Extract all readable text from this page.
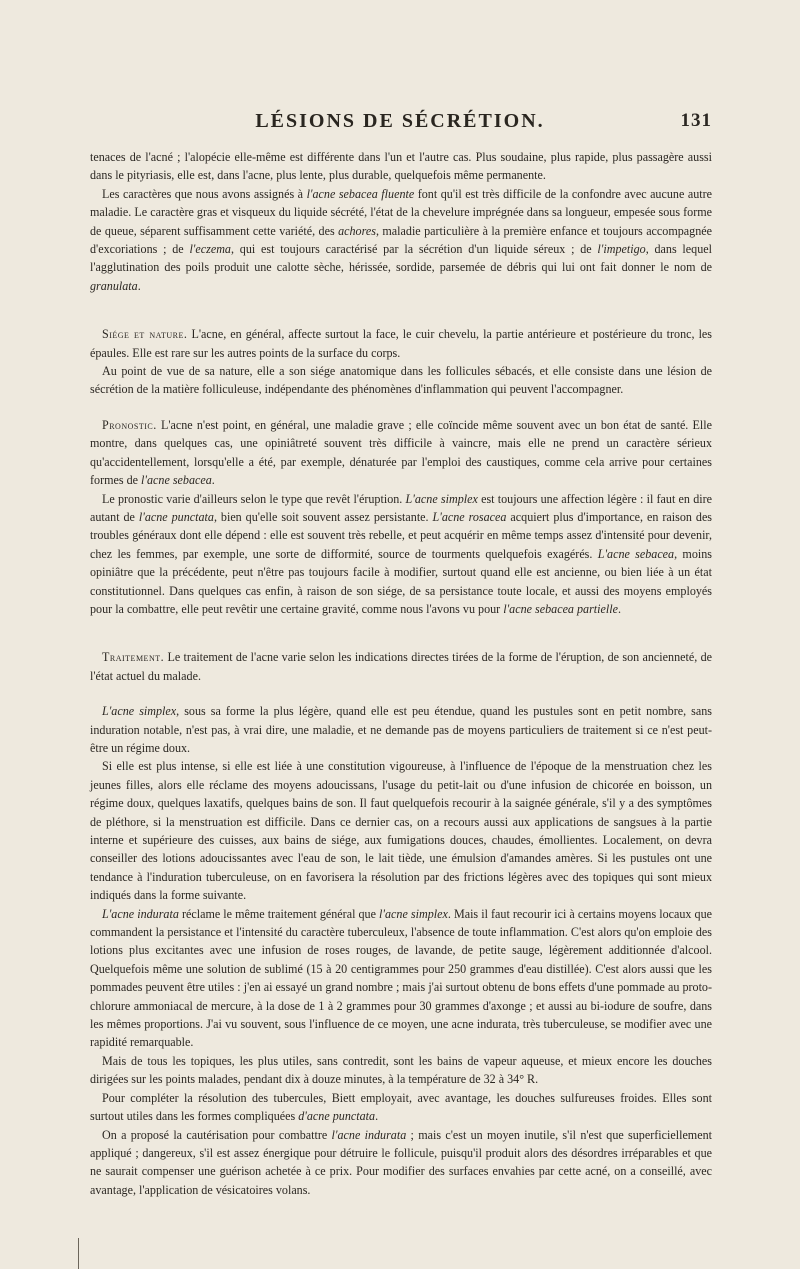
LÉSIONS DE SÉCRÉTION.	131

tenaces de l'acné ; l'alopécie elle-même est différente dans l'un et l'autre cas. Plus soudaine, plus rapide, plus passagère aussi dans le pityriasis, elle est, dans l'acne, plus lente, plus durable, quelquefois même permanente.

Les caractères que nous avons assignés à l'acne sebacea fluente font qu'il est très difficile de la confondre avec aucune autre maladie. Le caractère gras et visqueux du liquide sécrété, l'état de la chevelure imprégnée dans sa longueur, empesée sous forme de queue, séparent suffisamment cette variété, des achores, maladie particulière à la première enfance et toujours accompagnée d'excoriations ; de l'eczema, qui est toujours caractérisé par la sécrétion d'un liquide séreux ; de l'impetigo, dans lequel l'agglutination des poils produit une calotte sèche, hérissée, sordide, parsemée de débris qui lui ont fait donner le nom de granulata.

Siége et nature. L'acne, en général, affecte surtout la face, le cuir chevelu, la partie antérieure et postérieure du tronc, les épaules. Elle est rare sur les autres points de la surface du corps.

Au point de vue de sa nature, elle a son siége anatomique dans les follicules sébacés, et elle consiste dans une lésion de sécrétion de la matière folliculeuse, indépendante des phénomènes d'inflammation qui peuvent l'accompagner.

Pronostic. L'acne n'est point, en général, une maladie grave ; elle coïncide même souvent avec un bon état de santé. Elle montre, dans quelques cas, une opiniâtreté souvent très difficile à vaincre, mais elle ne prend un caractère sérieux qu'accidentellement, lorsqu'elle a été, par exemple, dénaturée par l'emploi des caustiques, comme cela arrive pour certaines formes de l'acne sebacea.

Le pronostic varie d'ailleurs selon le type que revêt l'éruption. L'acne simplex est toujours une affection légère : il faut en dire autant de l'acne punctata, bien qu'elle soit souvent assez persistante. L'acne rosacea acquiert plus d'importance, en raison des troubles généraux dont elle dépend : elle est souvent très rebelle, et peut acquérir en même temps assez d'intensité pour devenir, chez les femmes, par exemple, une sorte de difformité, source de tourments quelquefois exagérés. L'acne sebacea, moins opiniâtre que la précédente, peut n'être pas toujours facile à modifier, surtout quand elle est ancienne, ou bien liée à un état constitutionnel. Dans quelques cas enfin, à raison de son siége, de sa persistance toute locale, et aussi des moyens employés pour la combattre, elle peut revêtir une certaine gravité, comme nous l'avons vu pour l'acne sebacea partielle.

Traitement. Le traitement de l'acne varie selon les indications directes tirées de la forme de l'éruption, de son ancienneté, de l'état actuel du malade.

L'acne simplex, sous sa forme la plus légère, quand elle est peu étendue, quand les pustules sont en petit nombre, sans induration notable, n'est pas, à vrai dire, une maladie, et ne demande pas de moyens particuliers de traitement si ce n'est peut-être un régime doux.

Si elle est plus intense, si elle est liée à une constitution vigoureuse, à l'influence de l'époque de la menstruation chez les jeunes filles, alors elle réclame des moyens adoucissans, l'usage du petit-lait ou d'une infusion de chicorée en boisson, un régime doux, quelques laxatifs, quelques bains de son. Il faut quelquefois recourir à la saignée générale, s'il y a des symptômes de pléthore, si la menstruation est difficile. Dans ce dernier cas, on a recours aussi aux applications de sangsues à la partie interne et supérieure des cuisses, aux bains de siége, aux fumigations douces, chaudes, émollientes. Localement, on devra conseiller des lotions adoucissantes avec l'eau de son, le lait tiède, une émulsion d'amandes amères. Si les pustules ont une tendance à l'induration tuberculeuse, on en favorisera la résolution par des frictions légères avec des topiques qui sont mieux indiqués dans la forme suivante.

L'acne indurata réclame le même traitement général que l'acne simplex. Mais il faut recourir ici à certains moyens locaux que commandent la persistance et l'intensité du caractère tuberculeux, l'absence de toute inflammation. C'est alors qu'on emploie des lotions plus excitantes avec une infusion de roses rouges, de lavande, de petite sauge, légèrement additionnée d'alcool. Quelquefois même une solution de sublimé (15 à 20 centigrammes pour 250 grammes d'eau distillée). C'est alors aussi que les pommades peuvent être utiles : j'en ai essayé un grand nombre ; mais j'ai surtout obtenu de bons effets d'une pommade au proto-chlorure ammoniacal de mercure, à la dose de 1 à 2 grammes pour 30 grammes d'axonge ; et aussi au bi-iodure de soufre, dans les mêmes proportions. J'ai vu souvent, sous l'influence de ce moyen, une acne indurata, très tuberculeuse, se modifier avec une rapidité remarquable.

Mais de tous les topiques, les plus utiles, sans contredit, sont les bains de vapeur aqueuse, et mieux encore les douches dirigées sur les points malades, pendant dix à douze minutes, à la température de 32 à 34° R.

Pour compléter la résolution des tubercules, Biett employait, avec avantage, les douches sulfureuses froides. Elles sont surtout utiles dans les formes compliquées d'acne punctata.

On a proposé la cautérisation pour combattre l'acne indurata ; mais c'est un moyen inutile, s'il n'est que superficiellement appliqué ; dangereux, s'il est assez énergique pour détruire le follicule, puisqu'il produit alors des désordres irréparables et que ne saurait compenser une guérison achetée à ce prix. Pour modifier des surfaces envahies par cette acné, on a conseillé, avec avantage, l'application de vésicatoires volans.
